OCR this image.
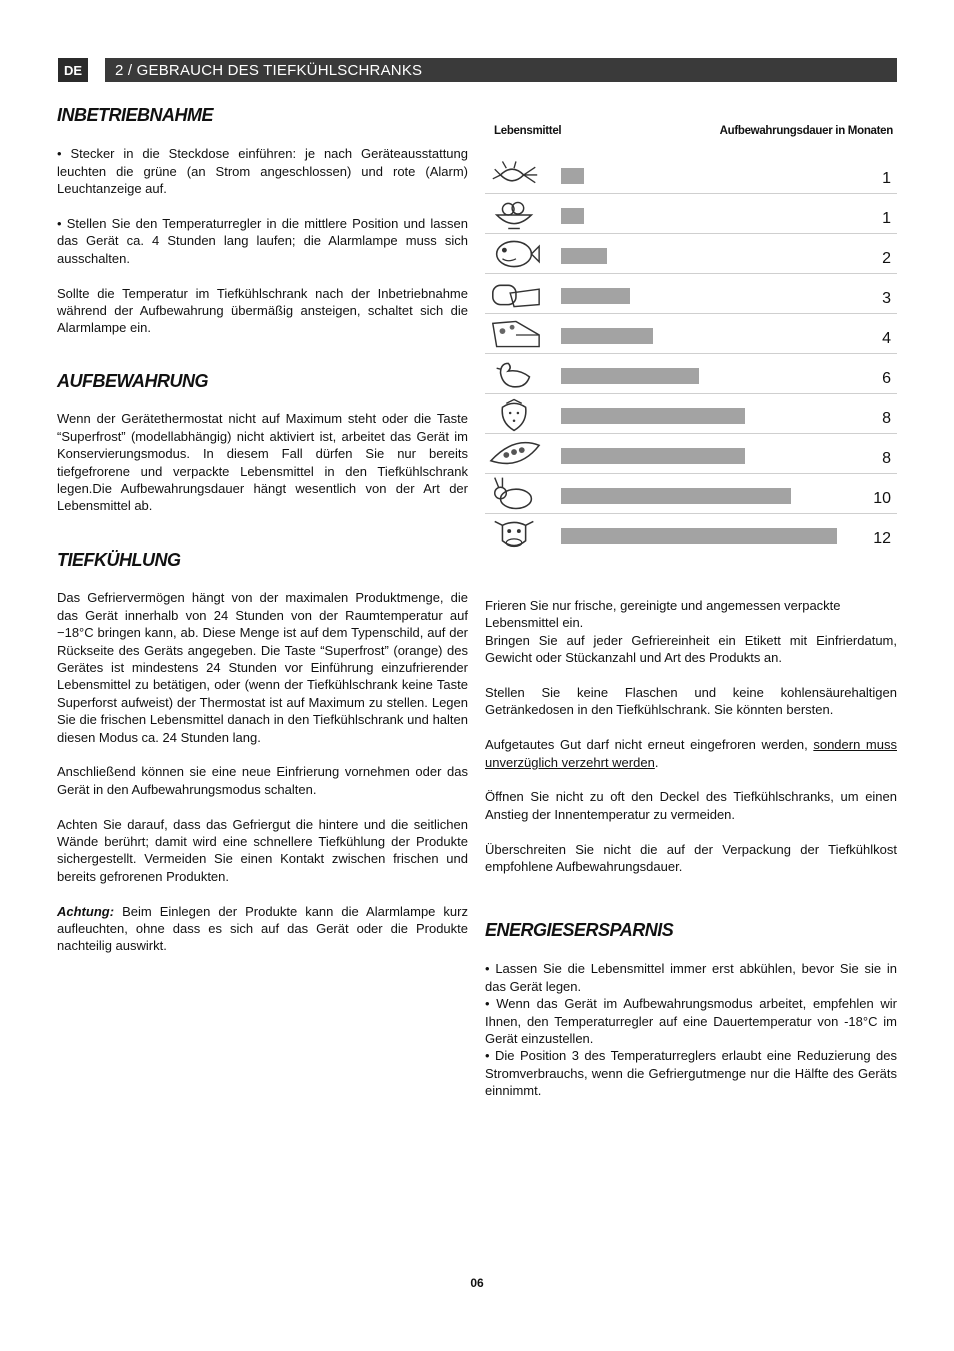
DE	2 / GEBRAUCH DES TIEFKÜHLSCHRANKS
INBETRIEBNAHME

• Stecker in die Steckdose einführen: je nach Geräteausstattung leuchten die grüne (an Strom angeschlossen) und rote (Alarm) Leuchtanzeige auf.

• Stellen Sie den Temperaturregler in die mittlere Position und lassen das Gerät ca. 4 Stunden lang laufen; die Alarmlampe muss sich ausschalten.

Sollte die Temperatur im Tiefkühlschrank nach der Inbetriebnahme während der Aufbewahrung übermäßig ansteigen, schaltet sich die Alarmlampe ein.

AUFBEWAHRUNG

Wenn der Gerätethermostat nicht auf Maximum steht oder die Taste “Superfrost” (modellabhängig) nicht aktiviert ist, arbeitet das Gerät im Konservierungsmodus. In diesem Fall dürfen Sie nur bereits tiefgefrorene und verpackte Lebensmittel in den Tiefkühlschrank legen.Die Aufbewahrungsdauer hängt wesentlich von der Art der Lebensmittel ab.

TIEFKÜHLUNG

Das Gefriervermögen hängt von der maximalen Produktmenge, die das Gerät innerhalb von 24 Stunden von der Raumtemperatur auf −18°C bringen kann, ab. Diese Menge ist auf dem Typenschild, auf der Rückseite des Geräts angegeben. Die Taste “Superfrost” (orange) des Gerätes ist mindestens 24 Stunden vor Einführung einzufrierender Lebensmittel zu betätigen, oder (wenn der Tiefkühlschrank keine Taste Superforst aufweist) der Thermostat ist auf Maximum zu stellen. Legen Sie die frischen Lebensmittel danach in den Tiefkühlschrank und halten diesen Modus ca. 24 Stunden lang.

Anschließend können sie eine neue Einfrierung vornehmen oder das Gerät in den Aufbewahrungsmodus schalten.

Achten Sie darauf, dass das Gefriergut die hintere und die seitlichen Wände berührt; damit wird eine schnellere Tiefkühlung der Produkte sichergestellt. Vermeiden Sie einen Kontakt zwischen frischen und bereits gefrorenen Produkten.

Achtung: Beim Einlegen der Produkte kann die Alarmlampe kurz aufleuchten, ohne dass es sich auf das Gerät oder die Produkte nachteilig auswirkt.

Lebensmittel	Aufbewahrungsdauer in Monaten
1
1
2
3
4
6
8
8
10
12
Frieren Sie nur frische, gereinigte und angemessen verpackte Lebensmittel ein.

Bringen Sie auf jeder Gefriereinheit ein Etikett mit Einfrierdatum, Gewicht oder Stückanzahl und Art des Produkts an.

Stellen Sie keine Flaschen und keine kohlensäurehaltigen Getränkedosen in den Tiefkühlschrank. Sie könnten bersten.

Aufgetautes Gut darf nicht erneut eingefroren werden, sondern muss unverzüglich verzehrt werden.

Öffnen Sie nicht zu oft den Deckel des Tiefkühlschranks, um einen Anstieg der Innentemperatur zu vermeiden.

Überschreiten Sie nicht die auf der Verpackung der Tiefkühlkost empfohlene Aufbewahrungsdauer.

ENERGIESERSPARNIS
• Lassen Sie die Lebensmittel immer erst abkühlen, bevor Sie sie in das Gerät legen.
• Wenn das Gerät im Aufbewahrungsmodus arbeitet, empfehlen wir Ihnen, den Temperaturregler auf eine Dauertemperatur von -18°C im Gerät einzustellen.
• Die Position 3 des Temperaturreglers erlaubt eine Reduzierung des Stromverbrauchs, wenn die Gefriergutmenge nur die Hälfte des Geräts einnimmt.
06
